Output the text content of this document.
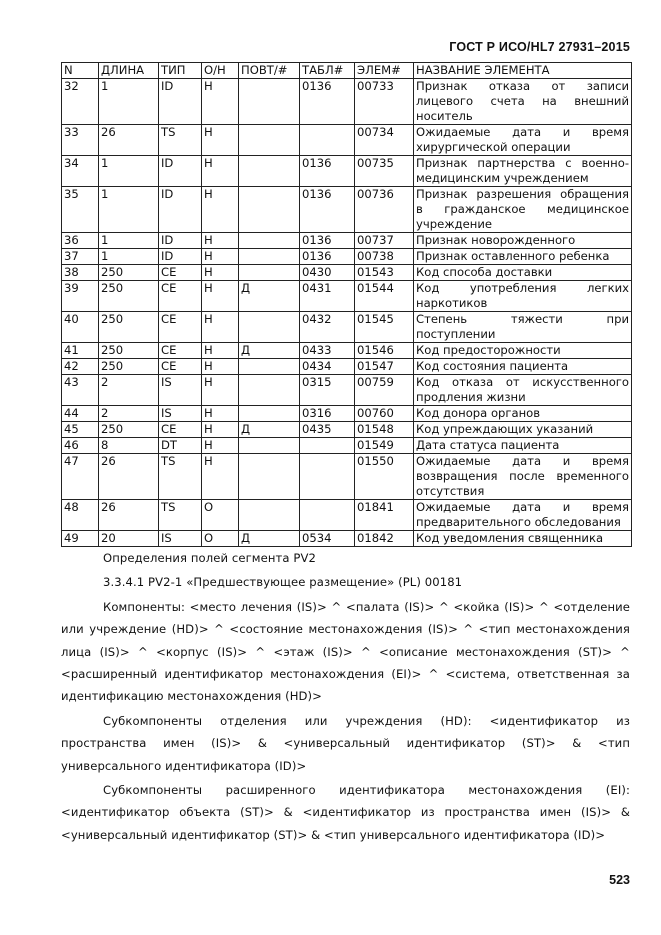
ГОСТ Р ИСО/HL7 27931–2015
N	ДЛИНА	ТИП	О/Н	ПОВТ/#	ТАБЛ#	ЭЛЕМ#	НАЗВАНИЕ ЭЛЕМЕНТА
32	1	ID	Н		0136	00733	Признак отказа от записи лицевого счета на внешний носитель
33	26	TS	Н			00734	Ожидаемые дата и время хирургической операции
34	1	ID	Н		0136	00735	Признак партнерства с военно-медицинским учреждением
35	1	ID	Н		0136	00736	Признак разрешения обращения в гражданское медицинское учреждение
36	1	ID	Н		0136	00737	Признак новорожденного
37	1	ID	Н		0136	00738	Признак оставленного ребенка
38	250	CE	Н		0430	01543	Код способа доставки
39	250	CE	Н	Д	0431	01544	Код употребления легких наркотиков
40	250	CE	Н		0432	01545	Степень тяжести при поступлении
41	250	CE	Н	Д	0433	01546	Код предосторожности
42	250	CE	Н		0434	01547	Код состояния пациента
43	2	IS	Н		0315	00759	Код отказа от искусственного продления жизни
44	2	IS	Н		0316	00760	Код донора органов
45	250	CE	Н	Д	0435	01548	Код упреждающих указаний
46	8	DT	Н			01549	Дата статуса пациента
47	26	TS	Н			01550	Ожидаемые дата и время возвращения после временного отсутствия
48	26	TS	О			01841	Ожидаемые дата и время предварительного обследования
49	20	IS	О	Д	0534	01842	Код уведомления священника

Определения полей сегмента PV2

3.3.4.1 PV2-1 «Предшествующее размещение» (PL) 00181

Компоненты: <место лечения (IS)> ^ <палата (IS)> ^ <койка (IS)> ^ <отделение или учреждение (HD)> ^ <состояние местонахождения (IS)> ^ <тип местонахождения лица (IS)> ^ <корпус (IS)> ^ <этаж (IS)> ^ <описание местонахождения (ST)> ^ <расширенный идентификатор местонахождения (EI)> ^ <система, ответственная за идентификацию местонахождения (HD)>

Субкомпоненты отделения или учреждения (HD): <идентификатор из пространства имен (IS)> & <универсальный идентификатор (ST)> & <тип универсального идентификатора (ID)>

Субкомпоненты расширенного идентификатора местонахождения (EI): <идентификатор объекта (ST)> & <идентификатор из пространства имен (IS)> & <универсальный идентификатор (ST)> & <тип универсального идентификатора (ID)>

523
